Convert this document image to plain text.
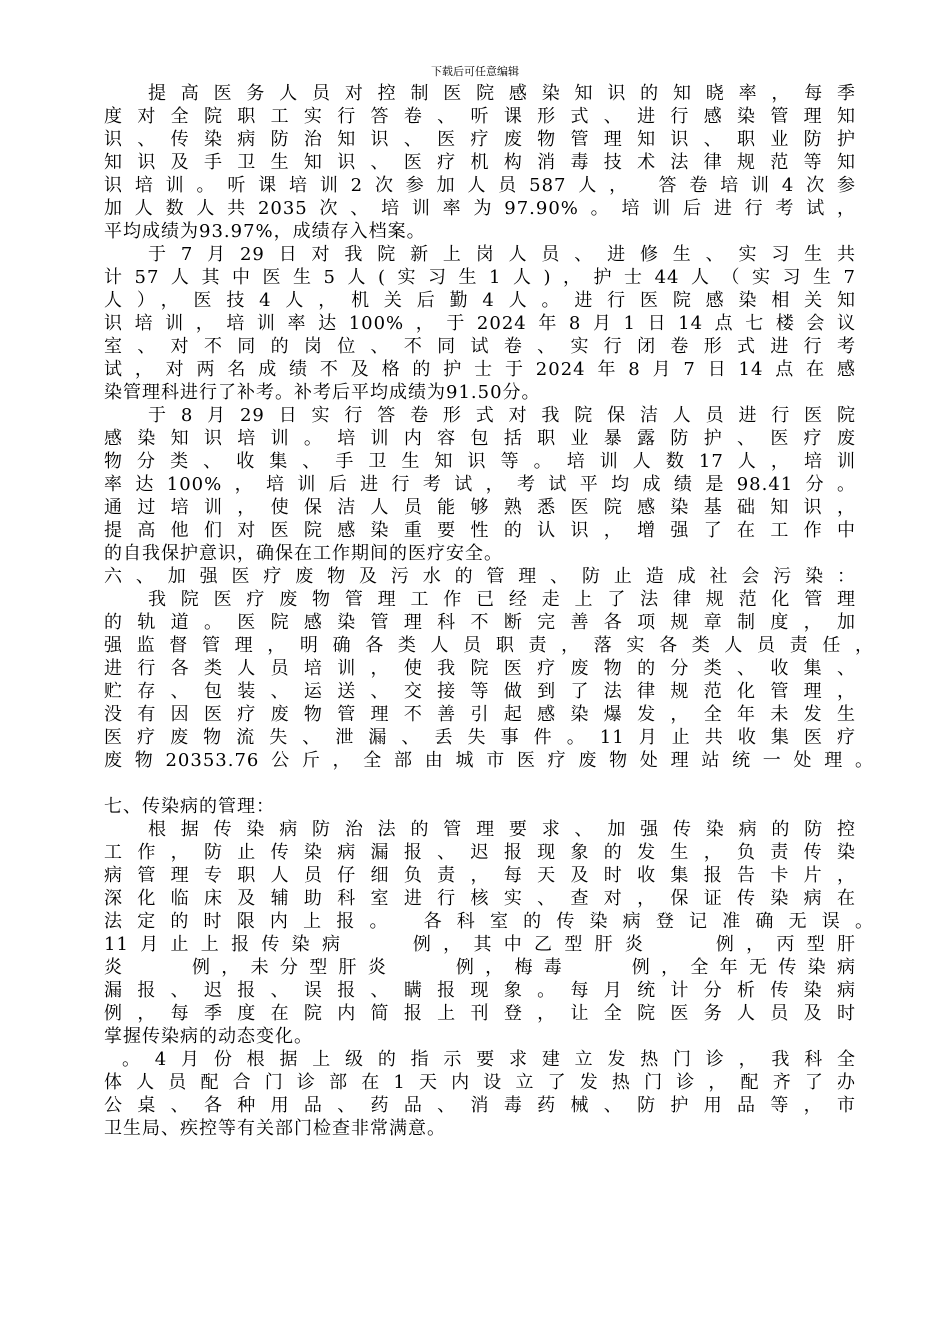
下载后可任意编辑
提高医务人员对控制医院感染知识的知晓率，每季
度对全院职工实行答卷、听课形式、进行感染管理知
识、传染病防治知识、医疗废物管理知识、职业防护
知识及手卫生知识、医疗机构消毒技术法律规范等知
识培训。听课培训2次参加人员587人， 答卷培训4次参
加人数人共2035次、培训率为97.90%。培训后进行考试，
平均成绩为93.97%，成绩存入档案。
于7月29日对我院新上岗人员、进修生、实习生共
计57人其中医生5人(实习生1人)，护士44人（实习生7
人），医技4人，机关后勤4人。进行医院感染相关知
识培训，培训率达100%，于2024年8月1日14点七楼会议
室、对不同的岗位、不同试卷、实行闭卷形式进行考
试，对两名成绩不及格的护士于2024年8月7日14点在感
染管理科进行了补考。补考后平均成绩为91.50分。
于8月29日实行答卷形式对我院保洁人员进行医院
感染知识培训。培训内容包括职业暴露防护、医疗废
物分类、收集、手卫生知识等。培训人数17人，培训
率达100%，培训后进行考试，考试平均成绩是98.41分。
通过培训，使保洁人员能够熟悉医院感染基础知识，
提高他们对医院感染重要性的认识，增强了在工作中
的自我保护意识，确保在工作期间的医疗安全。
六、加强医疗废物及污水的管理、防止造成社会污染：
我院医疗废物管理工作已经走上了法律规范化管理
的轨道。医院感染管理科不断完善各项规章制度，加
强监督管理，明确各类人员职责，落实各类人员责任，
进行各类人员培训，使我院医疗废物的分类、收集、
贮存、包装、运送、交接等做到了法律规范化管理，
没有因医疗废物管理不善引起感染爆发，全年未发生
医疗废物流失、泄漏、丢失事件。11月止共收集医疗
废物20353.76公斤，全部由城市医疗废物处理站统一处理。
七、传染病的管理：
根据传染病防治法的管理要求、加强传染病的防控
工作，防止传染病漏报、迟报现象的发生，负责传染
病管理专职人员仔细负责，每天及时收集报告卡片，
深化临床及辅助科室进行核实、查对，保证传染病在
法定的时限内上报。 各科室的传染病登记准确无误。
11月止上报传染病　　例，其中乙型肝炎　　例，丙型肝
炎　　例，未分型肝炎　　例，梅毒　　例，全年无传染病
漏报、迟报、误报、瞒报现象。每月统计分析传染病
例，每季度在院内简报上刊登，让全院医务人员及时
掌握传染病的动态变化。
。4月份根据上级的指示要求建立发热门诊，我科全
体人员配合门诊部在1天内设立了发热门诊，配齐了办
公桌、各种用品、药品、消毒药械、防护用品等，市
卫生局、疾控等有关部门检查非常满意。
